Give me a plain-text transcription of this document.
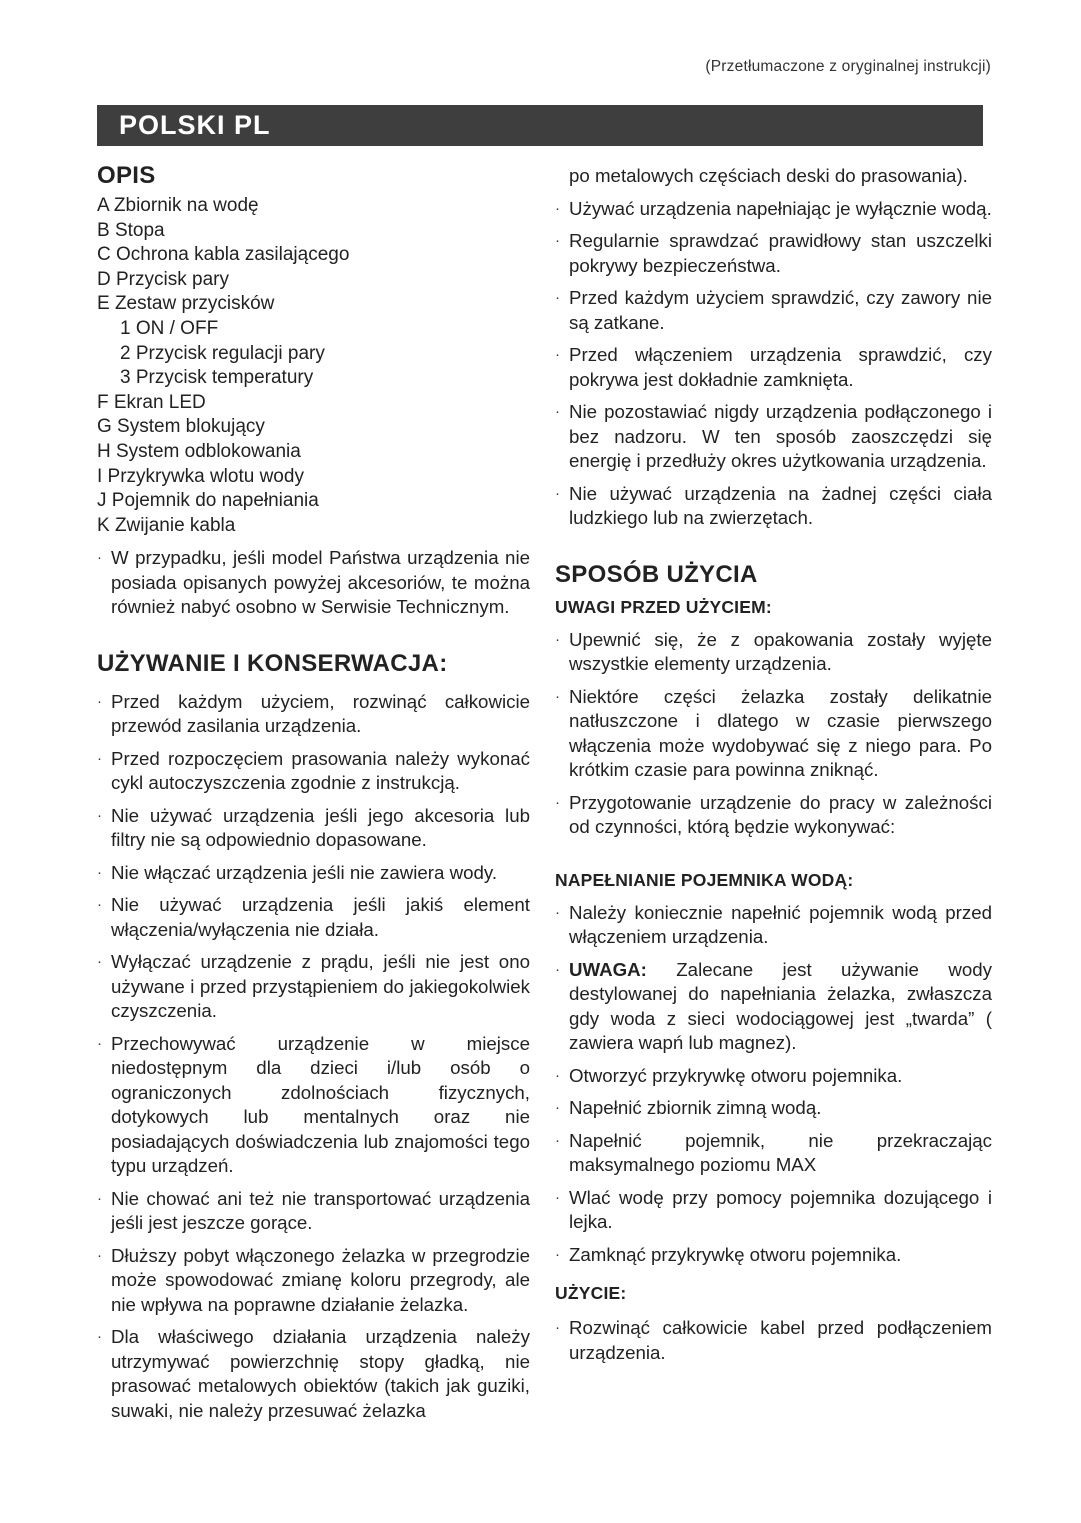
(Przetłumaczone z oryginalnej instrukcji)
POLSKI PL
OPIS
A Zbiornik na wodę
B Stopa
C Ochrona kabla zasilającego
D Przycisk pary
E Zestaw przycisków
1 ON / OFF
2 Przycisk regulacji pary
3 Przycisk temperatury
F Ekran LED
G System blokujący
H System odblokowania
I Przykrywka wlotu wody
J Pojemnik do napełniania
K Zwijanie kabla
· W przypadku, jeśli model Państwa urządzenia nie posiada opisanych powyżej akcesoriów, te można również nabyć osobno w Serwisie Technicznym.
UŻYWANIE I KONSERWACJA:
· Przed każdym użyciem, rozwinąć całkowicie przewód zasilania urządzenia.
· Przed rozpoczęciem prasowania należy wykonać cykl autoczyszczenia zgodnie z instrukcją.
· Nie używać urządzenia jeśli jego akcesoria lub filtry nie są odpowiednio dopasowane.
· Nie włączać urządzenia jeśli nie zawiera wody.
· Nie używać urządzenia jeśli jakiś element włączenia/wyłączenia nie działa.
· Wyłączać urządzenie z prądu, jeśli nie jest ono używane i przed przystąpieniem do jakiegokolwiek czyszczenia.
· Przechowywać urządzenie w miejsce niedostępnym dla dzieci i/lub osób o ograniczonych zdolnościach fizycznych, dotykowych lub mentalnych oraz nie posiadających doświadczenia lub znajomości tego typu urządzeń.
· Nie chować ani też nie transportować urządzenia jeśli jest jeszcze gorące.
· Dłuższy pobyt włączonego żelazka w przegrodzie może spowodować zmianę koloru przegrody, ale nie wpływa na poprawne działanie żelazka.
· Dla właściwego działania urządzenia należy utrzymywać powierzchnię stopy gładką, nie prasować metalowych obiektów (takich jak guziki, suwaki, nie należy przesuwać żelazka
po metalowych częściach deski do prasowania).
· Używać urządzenia napełniając je wyłącznie wodą.
· Regularnie sprawdzać prawidłowy stan uszczelki pokrywy bezpieczeństwa.
· Przed każdym użyciem sprawdzić, czy zawory nie są zatkane.
· Przed włączeniem urządzenia sprawdzić, czy pokrywa jest dokładnie zamknięta.
· Nie pozostawiać nigdy urządzenia podłączonego i bez nadzoru. W ten sposób zaoszczędzi się energię i przedłuży okres użytkowania urządzenia.
· Nie używać urządzenia na żadnej części ciała ludzkiego lub na zwierzętach.
SPOSÓB UŻYCIA
UWAGI PRZED UŻYCIEM:
· Upewnić się, że z opakowania zostały wyjęte wszystkie elementy urządzenia.
· Niektóre części żelazka zostały delikatnie natłuszczone i dlatego w czasie pierwszego włączenia może wydobywać się z niego para. Po krótkim czasie para powinna zniknąć.
· Przygotowanie urządzenie do pracy w zależności od czynności, którą będzie wykonywać:
NAPEŁNIANIE POJEMNIKA WODĄ:
· Należy koniecznie napełnić pojemnik wodą przed włączeniem urządzenia.
· UWAGA: Zalecane jest używanie wody destylowanej do napełniania żelazka, zwłaszcza gdy woda z sieci wodociągowej jest „twarda” ( zawiera wapń lub magnez).
· Otworzyć przykrywkę otworu pojemnika.
· Napełnić zbiornik zimną wodą.
· Napełnić pojemnik, nie przekraczając maksymalnego poziomu MAX
· Wlać wodę przy pomocy pojemnika dozującego i lejka.
· Zamknąć przykrywkę otworu pojemnika.
UŻYCIE:
· Rozwinąć całkowicie kabel przed podłączeniem urządzenia.
